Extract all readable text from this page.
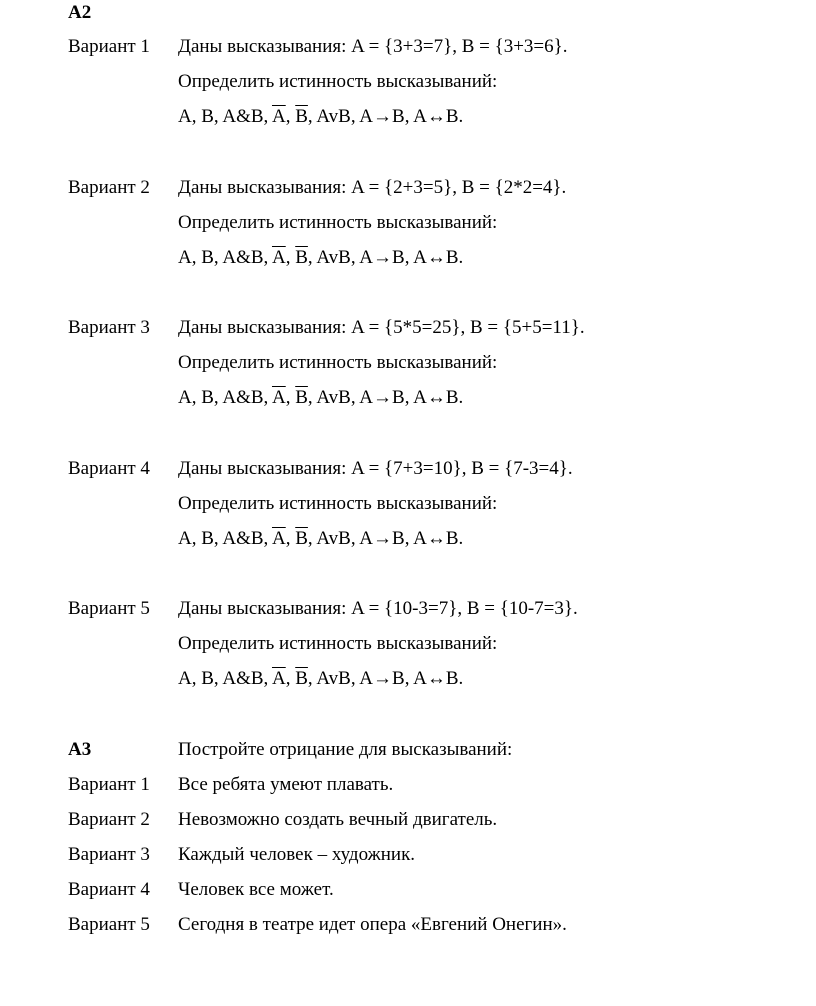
A2
Вариант 1 Даны высказывания: A = {3+3=7}, B = {3+3=6}.
Определить истинность высказываний:
A, B, A&B, $\overline{A}$, $\overline{B}$, AvB, A→B, A↔B.
Вариант 2 Даны высказывания: A = {2+3=5}, B = {2*2=4}.
Определить истинность высказываний:
A, B, A&B, $\overline{A}$, $\overline{B}$, AvB, A→B, A↔B.
Вариант 3 Даны высказывания: A = {5*5=25}, B = {5+5=11}.
Определить истинность высказываний:
A, B, A&B, $\overline{A}$, $\overline{B}$, AvB, A→B, A↔B.
Вариант 4 Даны высказывания: A = {7+3=10}, B = {7-3=4}.
Определить истинность высказываний:
A, B, A&B, $\overline{A}$, $\overline{B}$, AvB, A→B, A↔B.
Вариант 5 Даны высказывания: A = {10-3=7}, B = {10-7=3}.
Определить истинность высказываний:
A, B, A&B, $\overline{A}$, $\overline{B}$, AvB, A→B, A↔B.
A3	Постройте отрицание для высказываний:
Вариант 1 Все ребята умеют плавать.
Вариант 2 Невозможно создать вечный двигатель.
Вариант 3 Каждый человек – художник.
Вариант 4 Человек все может.
Вариант 5 Сегодня в театре идет опера «Евгений Онегин».
